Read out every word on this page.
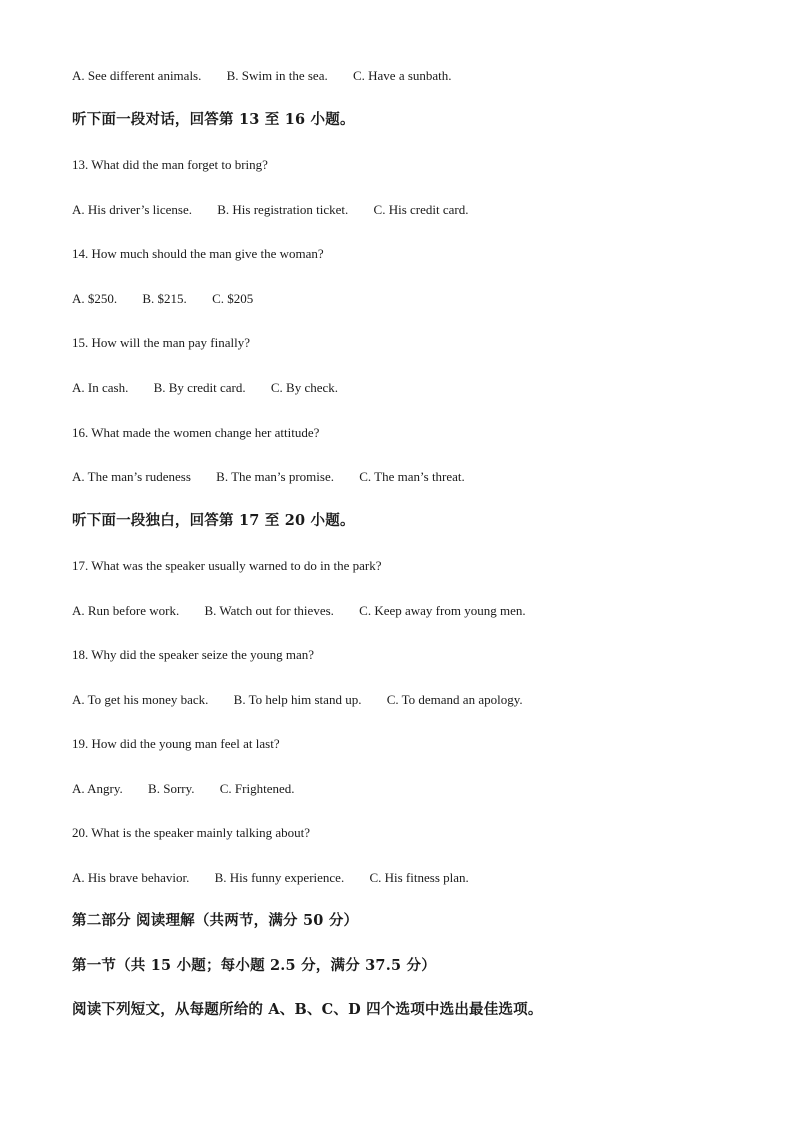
A. See different animals. B. Swim in the sea. C. Have a sunbath.
听下面一段对话，回答第 13 至 16 小题。
13. What did the man forget to bring?
A. His driver’s license. B. His registration ticket. C. His credit card.
14. How much should the man give the woman?
A. $250. B. $215. C. $205
15. How will the man pay finally?
A. In cash. B. By credit card. C. By check.
16. What made the women change her attitude?
A. The man’s rudeness B. The man’s promise. C. The man’s threat.
听下面一段独白，回答第 17 至 20 小题。
17. What was the speaker usually warned to do in the park?
A. Run before work. B. Watch out for thieves. C. Keep away from young men.
18. Why did the speaker seize the young man?
A. To get his money back. B. To help him stand up. C. To demand an apology.
19. How did the young man feel at last?
A. Angry. B. Sorry. C. Frightened.
20. What is the speaker mainly talking about?
A. His brave behavior. B. His funny experience. C. His fitness plan.
第二部分 阅读理解（共两节，满分 50 分）
第一节（共 15 小题；每小题 2.5 分，满分 37.5 分）
阅读下列短文，从每题所给的 A、B、C、D 四个选项中选出最佳选项。
